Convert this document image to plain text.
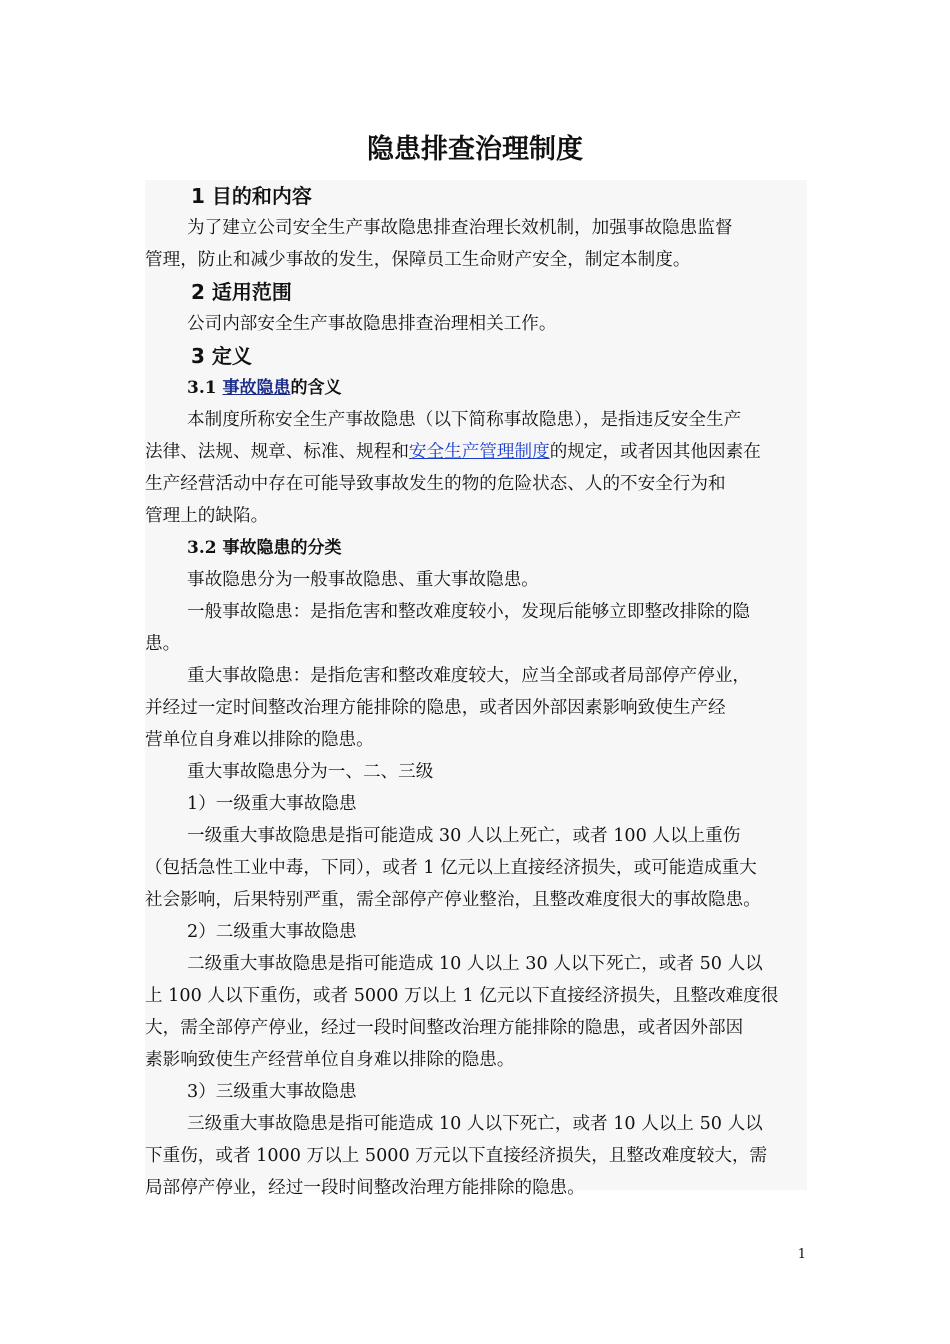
隐患排查治理制度
1 目的和内容
为了建立公司安全生产事故隐患排查治理长效机制，加强事故隐患监督
管理，防止和减少事故的发生，保障员工生命财产安全，制定本制度。
2 适用范围
公司内部安全生产事故隐患排查治理相关工作。
3 定义
3.1 事故隐患的含义
本制度所称安全生产事故隐患（以下简称事故隐患），是指违反安全生产
法律、法规、规章、标准、规程和安全生产管理制度的规定，或者因其他因素在
生产经营活动中存在可能导致事故发生的物的危险状态、人的不安全行为和
管理上的缺陷。
3.2 事故隐患的分类
事故隐患分为一般事故隐患、重大事故隐患。
一般事故隐患：是指危害和整改难度较小，发现后能够立即整改排除的隐
患。
重大事故隐患：是指危害和整改难度较大，应当全部或者局部停产停业，
并经过一定时间整改治理方能排除的隐患，或者因外部因素影响致使生产经
营单位自身难以排除的隐患。
重大事故隐患分为一、二、三级
1）一级重大事故隐患
一级重大事故隐患是指可能造成 30 人以上死亡，或者 100 人以上重伤
（包括急性工业中毒，下同），或者 1 亿元以上直接经济损失，或可能造成重大
社会影响，后果特别严重，需全部停产停业整治，且整改难度很大的事故隐患。
2）二级重大事故隐患
二级重大事故隐患是指可能造成 10 人以上 30 人以下死亡，或者 50 人以
上 100 人以下重伤，或者 5000 万以上 1 亿元以下直接经济损失，且整改难度很
大，需全部停产停业，经过一段时间整改治理方能排除的隐患，或者因外部因
素影响致使生产经营单位自身难以排除的隐患。
3）三级重大事故隐患
三级重大事故隐患是指可能造成 10 人以下死亡，或者 10 人以上 50 人以
下重伤，或者 1000 万以上 5000 万元以下直接经济损失，且整改难度较大，需
局部停产停业，经过一段时间整改治理方能排除的隐患。
1
